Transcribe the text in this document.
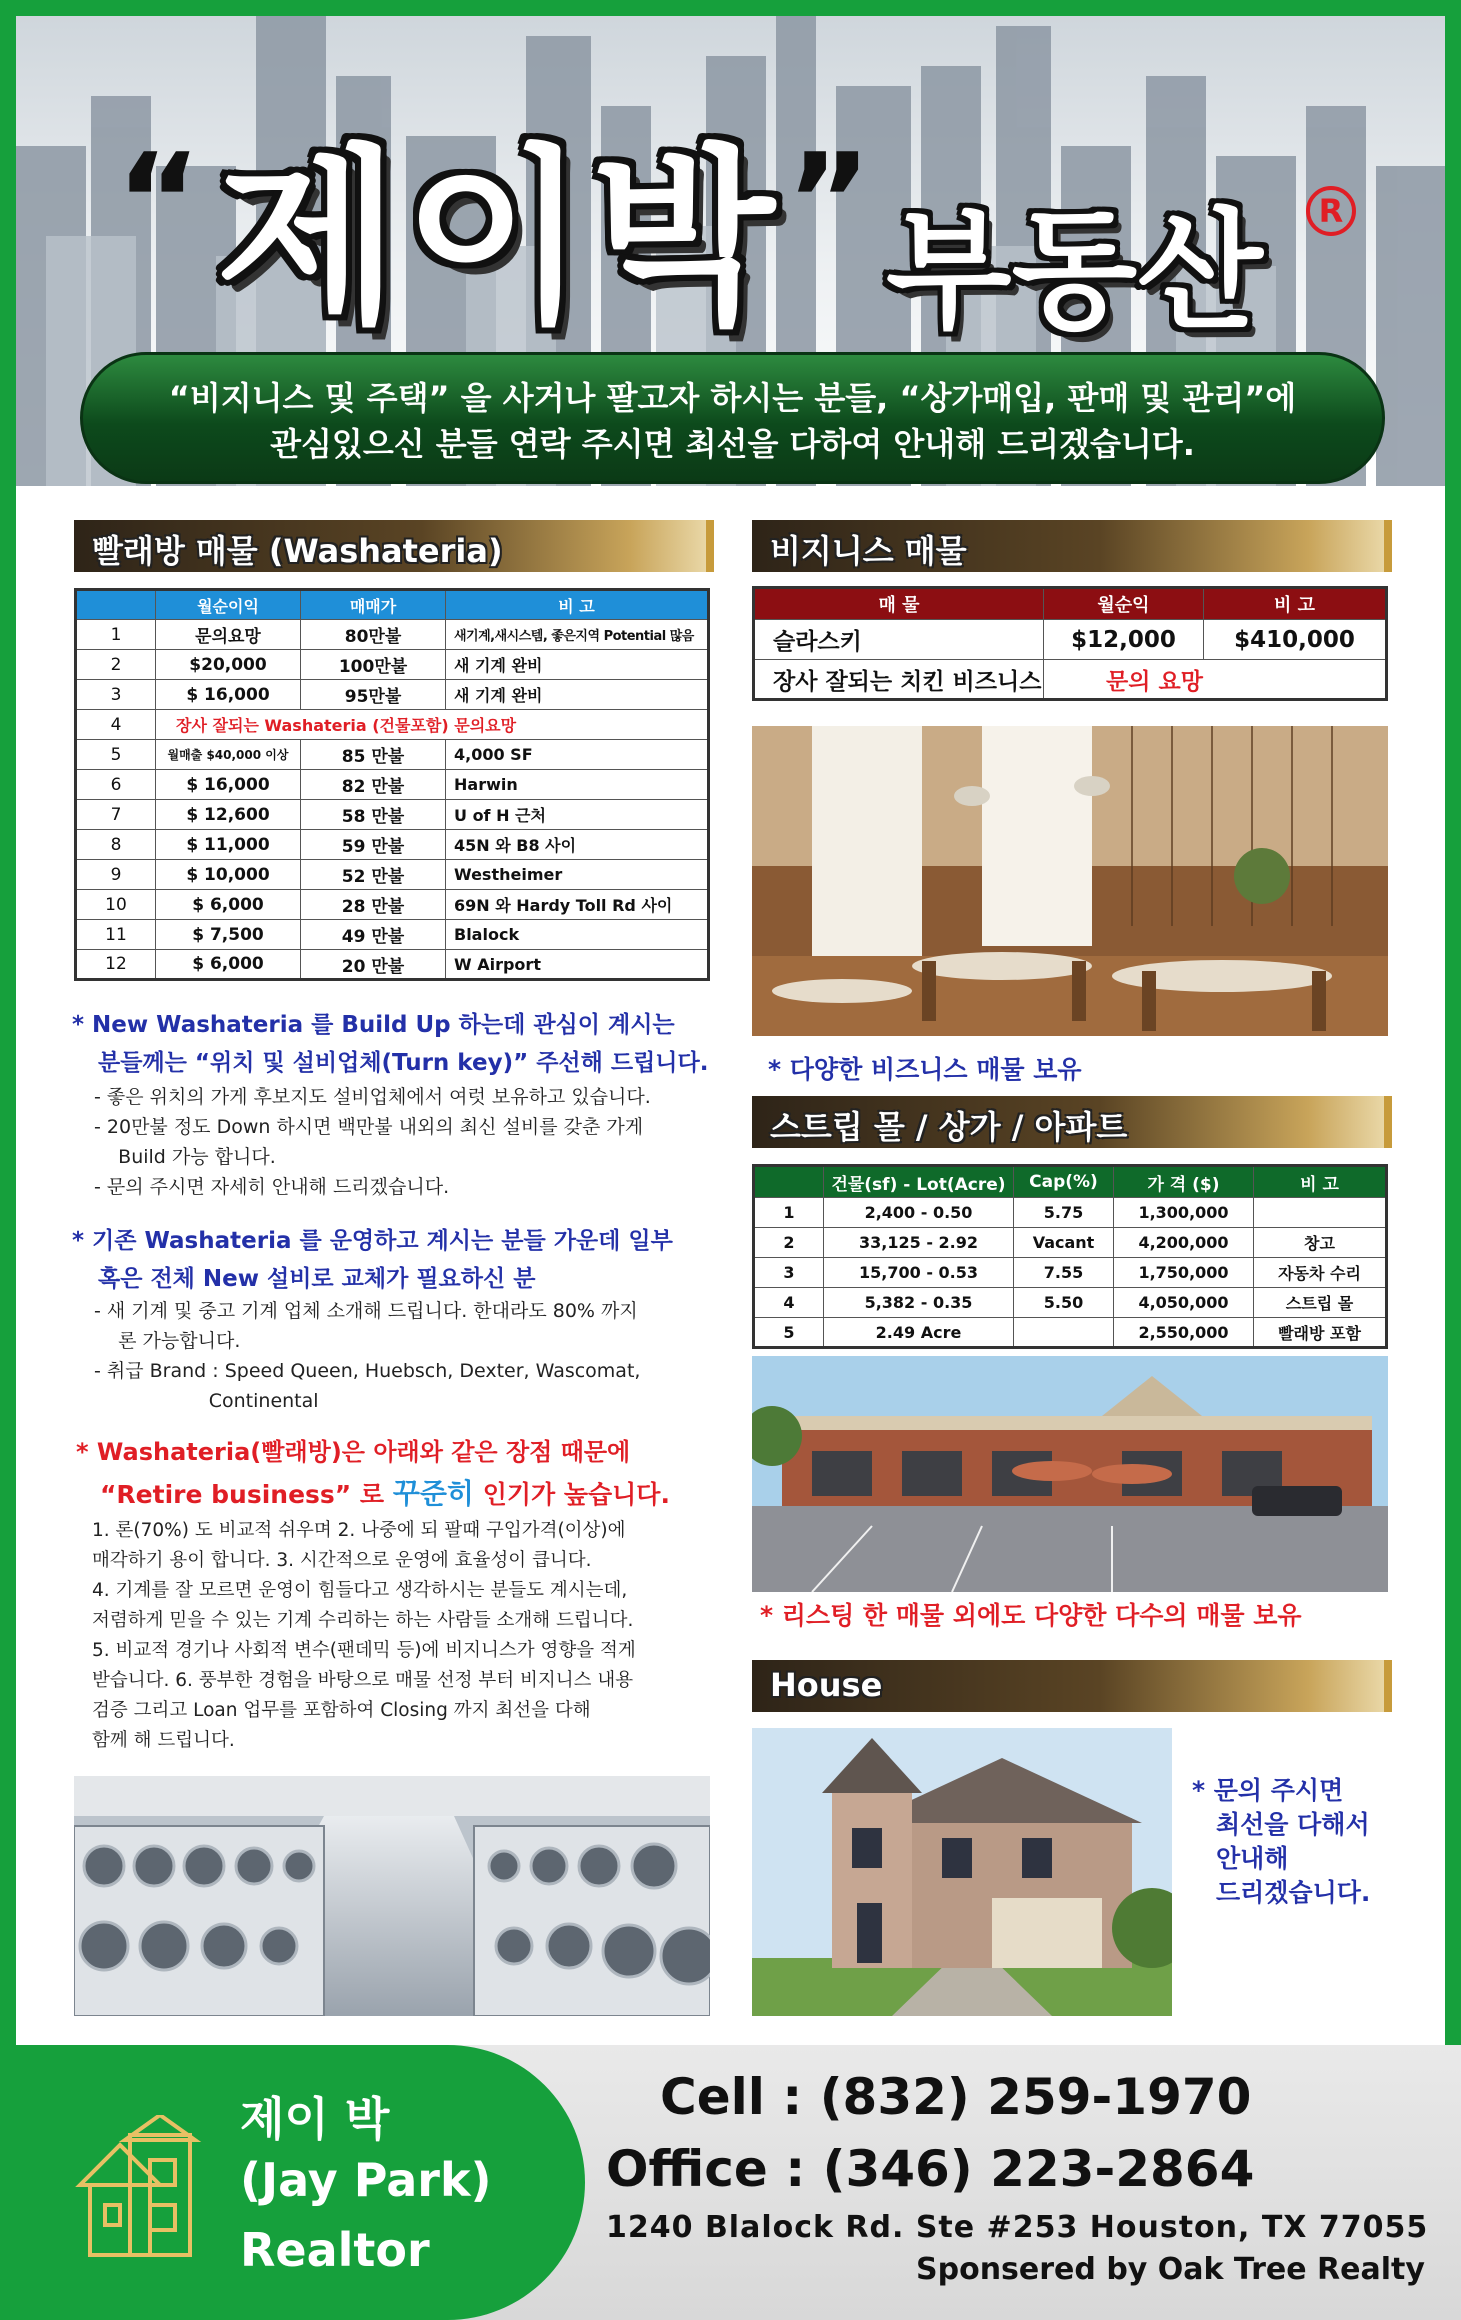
“ 제이박 ” 부동산	R
“비지니스 및 주택” 을 사거나 팔고자 하시는 분들, “상가매입, 판매 및 관리”에
관심있으신 분들 연락 주시면 최선을 다하여 안내해 드리겠습니다.
빨래방 매물 (Washateria)
	월순이익	매매가	비 고
1	문의요망	80만불	새기계,새시스템, 좋은지역 Potential 많음
2	$20,000	100만불	새 기계 완비
3	$ 16,000	95만불	새 기계 완비
4	장사 잘되는 Washateria (건물포함) 문의요망		
5	월매출 $40,000 이상	85 만불	4,000 SF
6	$ 16,000	82 만불	Harwin
7	$ 12,600	58 만불	U of H 근처
8	$ 11,000	59 만불	45N 와 B8 사이
9	$ 10,000	52 만불	Westheimer
10	$ 6,000	28 만불	69N 와 Hardy Toll Rd 사이
11	$ 7,500	49 만불	Blalock
12	$ 6,000	20 만불	W Airport
* New Washateria 를 Build Up 하는데 관심이 계시는
분들께는 “위치 및 설비업체(Turn key)” 주선해 드립니다.
- 좋은 위치의 가게 후보지도 설비업체에서 여럿 보유하고 있습니다.
- 20만불 정도 Down 하시면 백만불 내외의 최신 설비를 갖춘 가게
Build 가능 합니다.
- 문의 주시면 자세히 안내해 드리겠습니다.
* 기존 Washateria 를 운영하고 계시는 분들 가운데 일부
혹은 전체 New 설비로 교체가 필요하신 분
- 새 기계 및 중고 기계 업체 소개해 드립니다. 한대라도 80% 까지
론 가능합니다.
- 취급 Brand : Speed Queen, Huebsch, Dexter, Wascomat,
Continental
* Washateria(빨래방)은 아래와 같은 장점 때문에
“Retire business” 로 꾸준히 인기가 높습니다.
1. 론(70%) 도 비교적 쉬우며 2. 나중에 되 팔때 구입가격(이상)에
매각하기 용이 합니다. 3. 시간적으로 운영에 효율성이 큽니다.
4. 기계를 잘 모르면 운영이 힘들다고 생각하시는 분들도 계시는데,
저렴하게 믿을 수 있는 기계 수리하는 하는 사람들 소개해 드립니다.
5. 비교적 경기나 사회적 변수(팬데믹 등)에 비지니스가 영향을 적게
받습니다. 6. 풍부한 경험을 바탕으로 매물 선정 부터 비지니스 내용
검증 그리고 Loan 업무를 포함하여 Closing 까지 최선을 다해
함께 해 드립니다.
비지니스 매물
매 물	월순익	비 고
슬라스키	$12,000	$410,000
장사 잘되는 치킨 비즈니스	문의 요망	
* 다양한 비즈니스 매물 보유
스트립 몰 / 상가 / 아파트
	건물(sf) - Lot(Acre)	Cap(%)	가 격 ($)	비 고
1	2,400 - 0.50	5.75	1,300,000	
2	33,125 - 2.92	Vacant	4,200,000	창고
3	15,700 - 0.53	7.55	1,750,000	자동차 수리
4	5,382 - 0.35	5.50	4,050,000	스트립 몰
5	2.49 Acre		2,550,000	빨래방 포함
* 리스팅 한 매물 외에도 다양한 다수의 매물 보유
House
* 문의 주시면
최선을 다해서
안내해
드리겠습니다.
제이 박
(Jay Park)
Realtor
Cell : (832) 259-1970
Office : (346) 223-2864
1240 Blalock Rd. Ste #253 Houston, TX 77055
Sponsered by Oak Tree Realty
